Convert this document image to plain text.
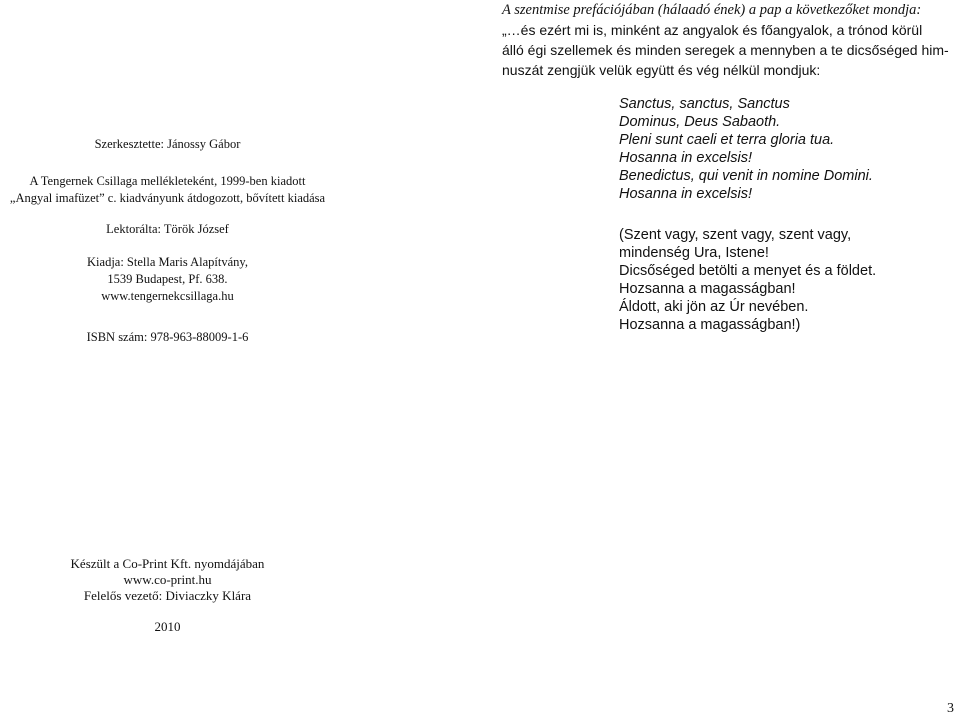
Szerkesztette: Jánossy Gábor
A Tengernek Csillaga mellékleteként, 1999-ben kiadott
„Angyal imafüzet” c. kiadványunk átdogozott, bővített kiadása
Lektorálta: Török József
Kiadja: Stella Maris Alapítvány,
1539 Budapest, Pf. 638.
www.tengernekcsillaga.hu
ISBN szám: 978-963-88009-1-6
Készült a Co-Print Kft. nyomdájában
www.co-print.hu
Felelős vezető: Diviaczky Klára
2010
A szentmise prefációjában (hálaadó ének) a pap a következőket mondja:
„…és ezért mi is, minként az angyalok és főangyalok, a trónod körül
álló égi szellemek és minden seregek a mennyben a te dicsőséged him-
nuszát zengjük velük együtt és vég nélkül mondjuk:
Sanctus, sanctus, Sanctus
Dominus, Deus Sabaoth.
Pleni sunt caeli et terra gloria tua.
Hosanna in excelsis!
Benedictus, qui venit in nomine Domini.
Hosanna in excelsis!
(Szent vagy, szent vagy, szent vagy,
mindenség Ura, Istene!
Dicsőséged betölti a menyet és a földet.
Hozsanna a magasságban!
Áldott, aki jön az Úr nevében.
Hozsanna a magasságban!)
3
